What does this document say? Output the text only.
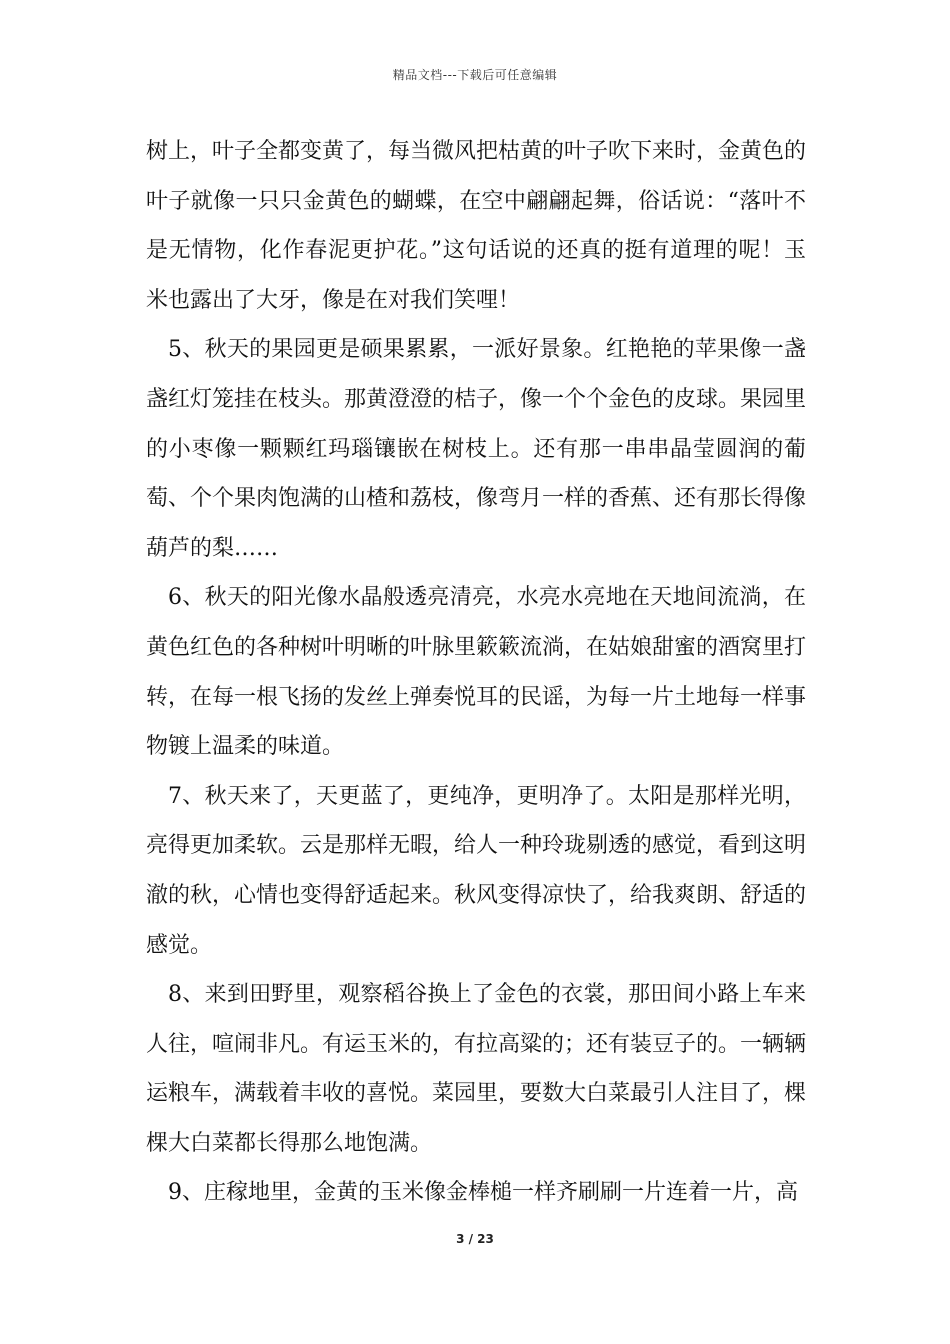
精品文档---下载后可任意编辑

树上，叶子全都变黄了，每当微风把枯黄的叶子吹下来时，金黄色的叶子就像一只只金黄色的蝴蝶，在空中翩翩起舞，俗话说：“落叶不是无情物，化作春泥更护花。”这句话说的还真的挺有道理的呢！玉米也露出了大牙，像是在对我们笑哩！

5、秋天的果园更是硕果累累，一派好景象。红艳艳的苹果像一盏盏红灯笼挂在枝头。那黄澄澄的桔子，像一个个金色的皮球。果园里的小枣像一颗颗红玛瑙镶嵌在树枝上。还有那一串串晶莹圆润的葡萄、个个果肉饱满的山楂和荔枝，像弯月一样的香蕉、还有那长得像葫芦的梨……

6、秋天的阳光像水晶般透亮清亮，水亮水亮地在天地间流淌，在黄色红色的各种树叶明晰的叶脉里簌簌流淌，在姑娘甜蜜的酒窝里打转，在每一根飞扬的发丝上弹奏悦耳的民谣，为每一片土地每一样事物镀上温柔的味道。

7、秋天来了，天更蓝了，更纯净，更明净了。太阳是那样光明，亮得更加柔软。云是那样无暇，给人一种玲珑剔透的感觉，看到这明澈的秋，心情也变得舒适起来。秋风变得凉快了，给我爽朗、舒适的感觉。

8、来到田野里，观察稻谷换上了金色的衣裳，那田间小路上车来人往，喧闹非凡。有运玉米的，有拉高粱的；还有装豆子的。一辆辆运粮车，满载着丰收的喜悦。菜园里，要数大白菜最引人注目了，棵棵大白菜都长得那么地饱满。

9、庄稼地里，金黄的玉米像金棒槌一样齐刷刷一片连着一片，高

3 / 23
